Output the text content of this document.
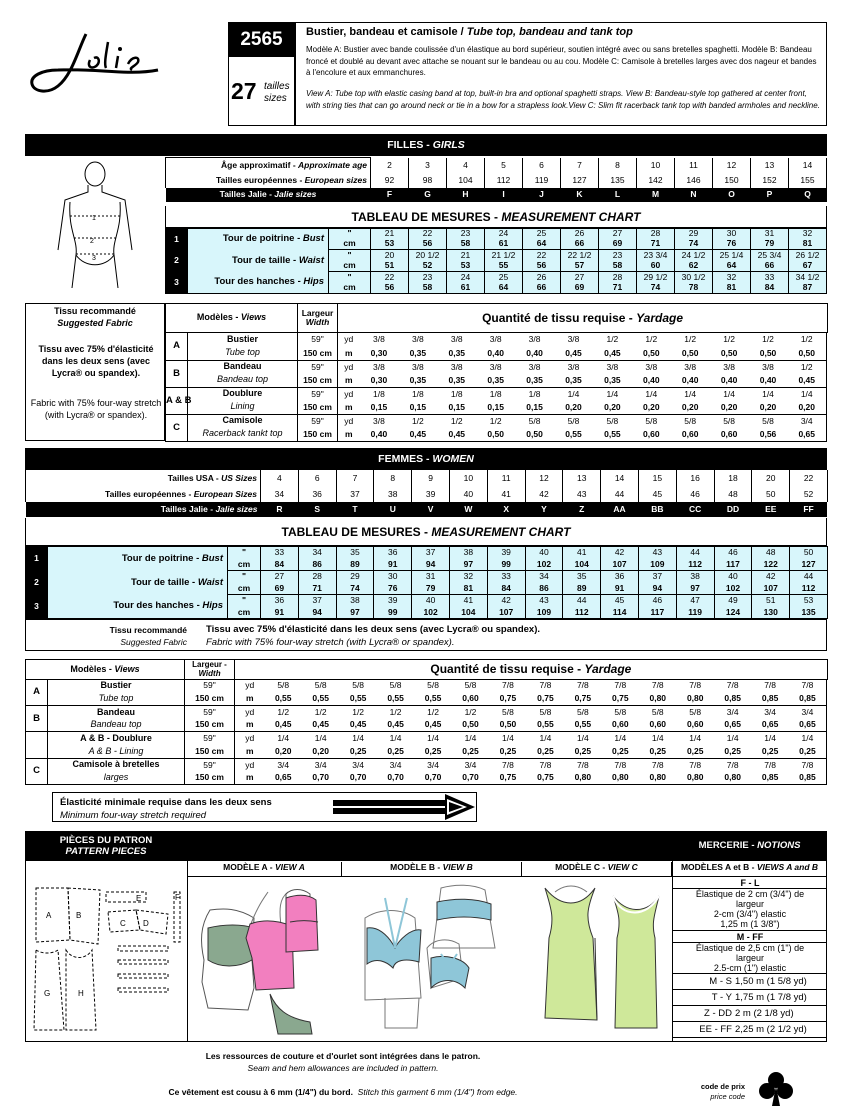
2565
27 tailles
sizes
Bustier, bandeau et camisole / Tube top, bandeau and tank top
Modèle A: Bustier avec bande coulissée d'un élastique au bord supérieur, soutien intégré avec ou sans bretelles spaghetti. Modèle B: Bandeau froncé et doublé au devant avec attache se nouant sur le bandeau ou au cou. Modèle C: Camisole à bretelles larges avec dos nageur et bandes à l'encolure et aux emmanchures.
View A: Tube top with elastic casing band at top, built-in bra and optional spaghetti straps. View B: Bandeau-style top gathered at center front, with string ties that can go around neck or tie in a bow for a strapless look.View C: Slim fit racerback tank top with banded armholes and neckline.
FILLES - GIRLS
1
2
3
Âge approximatif - Approximate age	2	3	4	5	6	7	8	10	11	12	13	14
Tailles européennes - European sizes	92	98	104	112	119	127	135	142	146	150	152	155
Tailles Jalie - Jalie sizes	F	G	H	I	J	K	L	M	N	O	P	Q
TABLEAU DE MESURES - MEASUREMENT CHART
1	Tour de poitrine - Bust	"	21	22	23	24	25	26	27	28	29	30	31	32
		cm	53	56	58	61	64	66	69	71	74	76	79	81
2	Tour de taille - Waist	"	20	20 1/2	21	21 1/2	22	22 1/2	23	23 3/4	24 1/2	25 1/4	25 3/4	26 1/2
		cm	51	52	53	55	56	57	58	60	62	64	66	67
3	Tour des hanches - Hips	"	22	23	24	25	26	27	28	29 1/2	30 1/2	32	33	34 1/2
		cm	56	58	61	64	66	69	71	74	78	81	84	87
Tissu recommandé
Suggested Fabric
Tissu avec 75% d'élasticité dans les deux sens (avec Lycra® ou spandex).
Fabric with 75% four-way stretch (with Lycra® or spandex).
Modèles - Views	Largeur
Width	Quantité de tissu requise - Yardage
A	Bustier	59"	yd	3/8	3/8	3/8	3/8	3/8	3/8	1/2	1/2	1/2	1/2	1/2	1/2
	Tube top	150 cm	m	0,30	0,35	0,35	0,40	0,40	0,45	0,45	0,50	0,50	0,50	0,50	0,50
B	Bandeau	59"	yd	3/8	3/8	3/8	3/8	3/8	3/8	3/8	3/8	3/8	3/8	3/8	1/2
	Bandeau top	150 cm	m	0,30	0,35	0,35	0,35	0,35	0,35	0,35	0,40	0,40	0,40	0,40	0,45
A & B	Doublure	59"	yd	1/8	1/8	1/8	1/8	1/8	1/4	1/4	1/4	1/4	1/4	1/4	1/4
	Lining	150 cm	m	0,15	0,15	0,15	0,15	0,15	0,20	0,20	0,20	0,20	0,20	0,20	0,20
C	Camisole	59"	yd	3/8	1/2	1/2	1/2	5/8	5/8	5/8	5/8	5/8	5/8	5/8	3/4
	Racerback tankt top	150 cm	m	0,40	0,45	0,45	0,50	0,50	0,55	0,55	0,60	0,60	0,60	0,56	0,65
FEMMES - WOMEN
Tailles USA - US Sizes	4	6	7	8	9	10	11	12	13	14	15	16	18	20	22
Tailles européennes - European Sizes	34	36	37	38	39	40	41	42	43	44	45	46	48	50	52
Tailles Jalie - Jalie sizes	R	S	T	U	V	W	X	Y	Z	AA	BB	CC	DD	EE	FF
TABLEAU DE MESURES - MEASUREMENT CHART
1	Tour de poitrine - Bust	"	33	34	35	36	37	38	39	40	41	42	43	44	46	48	50
		cm	84	86	89	91	94	97	99	102	104	107	109	112	117	122	127
2	Tour de taille - Waist	"	27	28	29	30	31	32	33	34	35	36	37	38	40	42	44
		cm	69	71	74	76	79	81	84	86	89	91	94	97	102	107	112
3	Tour des hanches - Hips	"	36	37	38	39	40	41	42	43	44	45	46	47	49	51	53
		cm	91	94	97	99	102	104	107	109	112	114	117	119	124	130	135
Tissu recommandé
Suggested Fabric
Tissu avec 75% d'élasticité dans les deux sens (avec Lycra® ou spandex).
Fabric with 75% four-way stretch (with Lycra® or spandex).
Modèles - Views	Largeur -
Width	Quantité de tissu requise - Yardage
A	Bustier	59"	yd	5/8	5/8	5/8	5/8	5/8	5/8	7/8	7/8	7/8	7/8	7/8	7/8	7/8	7/8	7/8
	Tube top	150 cm	m	0,55	0,55	0,55	0,55	0,55	0,60	0,75	0,75	0,75	0,75	0,80	0,80	0,85	0,85	0,85
B	Bandeau	59"	yd	1/2	1/2	1/2	1/2	1/2	1/2	5/8	5/8	5/8	5/8	5/8	5/8	3/4	3/4	3/4
	Bandeau top	150 cm	m	0,45	0,45	0,45	0,45	0,45	0,50	0,50	0,55	0,55	0,60	0,60	0,60	0,65	0,65	0,65
	A & B - Doublure	59"	yd	1/4	1/4	1/4	1/4	1/4	1/4	1/4	1/4	1/4	1/4	1/4	1/4	1/4	1/4	1/4
	A & B - Lining	150 cm	m	0,20	0,20	0,25	0,25	0,25	0,25	0,25	0,25	0,25	0,25	0,25	0,25	0,25	0,25	0,25
C	Camisole à bretelles	59"	yd	3/4	3/4	3/4	3/4	3/4	3/4	7/8	7/8	7/8	7/8	7/8	7/8	7/8	7/8	7/8
	larges	150 cm	m	0,65	0,70	0,70	0,70	0,70	0,70	0,75	0,75	0,80	0,80	0,80	0,80	0,80	0,85	0,85
Élasticité minimale requise dans les deux sens
Minimum four-way stretch required
PIÈCES DU PATRON
PATTERN PIECES
MERCERIE - NOTIONS
MODÈLE A - VIEW A	MODÈLE B - VIEW B	MODÈLE C - VIEW C	MODÈLES A et B - VIEWS A and B
A	B
C D
E	F
G	H
F - L
Élastique de 2 cm (3/4") de
largeur
2-cm (3/4") elastic
1,25 m (1 3/8")
M - FF
Élastique de 2,5 cm (1") de
largeur
2.5-cm (1") elastic
M - S 1,50 m (1 5/8 yd)
T - Y 1,75 m (1 7/8 yd)
Z - DD 2 m (2 1/8 yd)
EE - FF 2,25 m (2 1/2 yd)
Les ressources de couture et d'ourlet sont intégrées dans le patron.
Seam and hem allowances are included in pattern.
Ce vêtement est cousu à 6 mm (1/4") du bord. Stitch this garment 6 mm (1/4") from edge.
code de prix
price code
